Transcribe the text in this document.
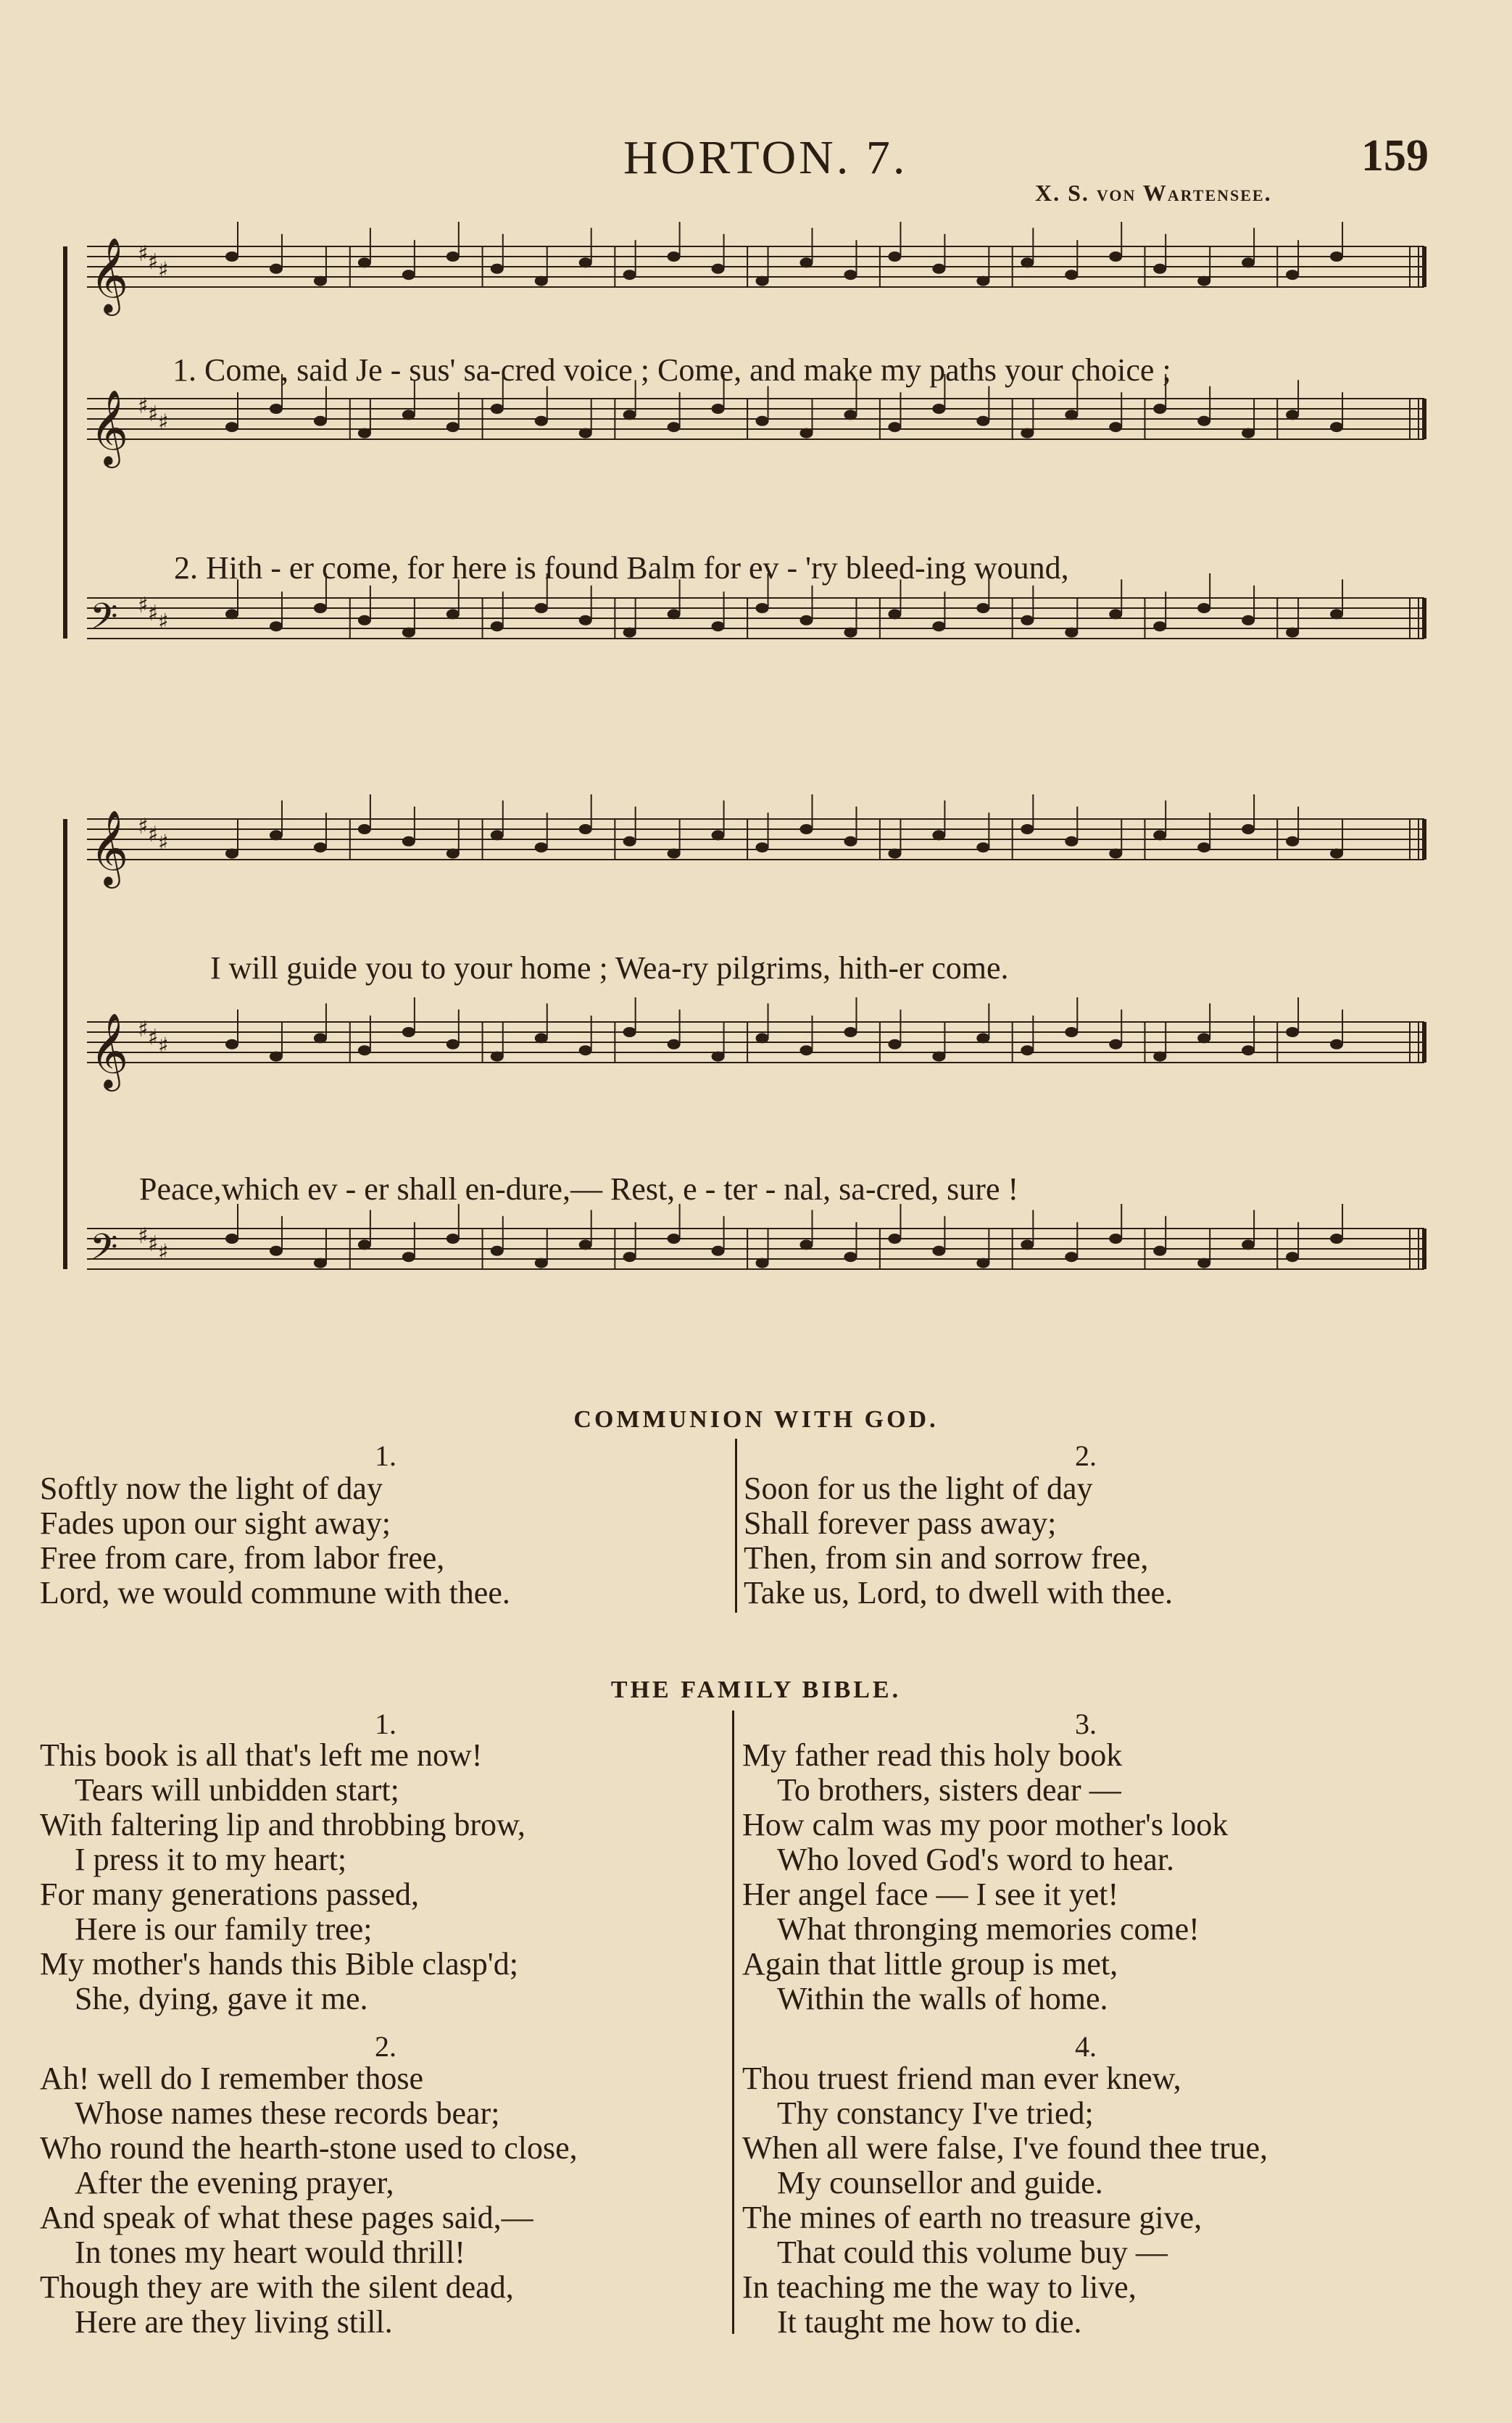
HORTON. 7.	159
X. S. von Wartensee.
𝄞 ♯ ♯ ♯
𝄞 ♯ ♯ ♯
𝄢 ♯ ♯ ♯
𝄞 ♯ ♯ ♯
𝄞 ♯ ♯ ♯
𝄢 ♯ ♯ ♯
1. Come, said Je - sus' sa-cred voice ; Come, and make my paths your choice ;
2. Hith - er come, for here is found Balm for ev - 'ry bleed-ing wound,
I will guide you to your home ; Wea-ry pilgrims, hith-er come.
Peace,which ev - er shall en-dure,— Rest, e - ter - nal, sa-cred, sure !
COMMUNION WITH GOD.
1.	2.
Softly now the light of day
Fades upon our sight away;
Free from care, from labor free,
Lord, we would commune with thee.
Soon for us the light of day
Shall forever pass away;
Then, from sin and sorrow free,
Take us, Lord, to dwell with thee.
THE FAMILY BIBLE.
1.
This book is all that's left me now!
Tears will unbidden start;
With faltering lip and throbbing brow,
I press it to my heart;
For many generations passed,
Here is our family tree;
My mother's hands this Bible clasp'd;
She, dying, gave it me.
2.
Ah! well do I remember those
Whose names these records bear;
Who round the hearth-stone used to close,
After the evening prayer,
And speak of what these pages said,—
In tones my heart would thrill!
Though they are with the silent dead,
Here are they living still.
3.
My father read this holy book
To brothers, sisters dear —
How calm was my poor mother's look
Who loved God's word to hear.
Her angel face — I see it yet!
What thronging memories come!
Again that little group is met,
Within the walls of home.
4.
Thou truest friend man ever knew,
Thy constancy I've tried;
When all were false, I've found thee true,
My counsellor and guide.
The mines of earth no treasure give,
That could this volume buy —
In teaching me the way to live,
It taught me how to die.
